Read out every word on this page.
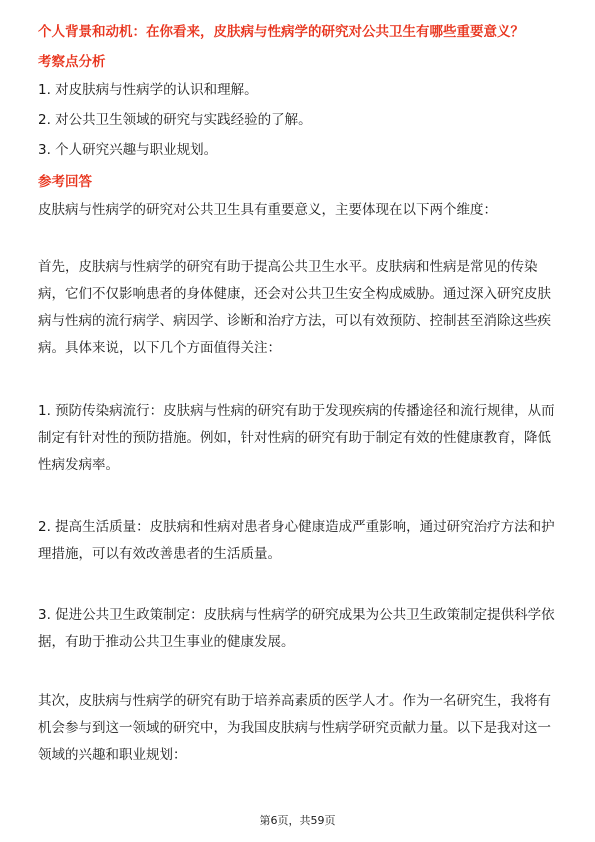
个人背景和动机：在你看来，皮肤病与性病学的研究对公共卫生有哪些重要意义？
考察点分析
1. 对皮肤病与性病学的认识和理解。
2. 对公共卫生领域的研究与实践经验的了解。
3. 个人研究兴趣与职业规划。
参考回答
皮肤病与性病学的研究对公共卫生具有重要意义，主要体现在以下两个维度：
首先，皮肤病与性病学的研究有助于提高公共卫生水平。皮肤病和性病是常见的传染病，它们不仅影响患者的身体健康，还会对公共卫生安全构成威胁。通过深入研究皮肤病与性病的流行病学、病因学、诊断和治疗方法，可以有效预防、控制甚至消除这些疾病。具体来说，以下几个方面值得关注：
1. 预防传染病流行：皮肤病与性病的研究有助于发现疾病的传播途径和流行规律，从而制定有针对性的预防措施。例如，针对性病的研究有助于制定有效的性健康教育，降低性病发病率。
2. 提高生活质量：皮肤病和性病对患者身心健康造成严重影响，通过研究治疗方法和护理措施，可以有效改善患者的生活质量。
3. 促进公共卫生政策制定：皮肤病与性病学的研究成果为公共卫生政策制定提供科学依据，有助于推动公共卫生事业的健康发展。
其次，皮肤病与性病学的研究有助于培养高素质的医学人才。作为一名研究生，我将有机会参与到这一领域的研究中，为我国皮肤病与性病学研究贡献力量。以下是我对这一领域的兴趣和职业规划：
第6页，共59页
